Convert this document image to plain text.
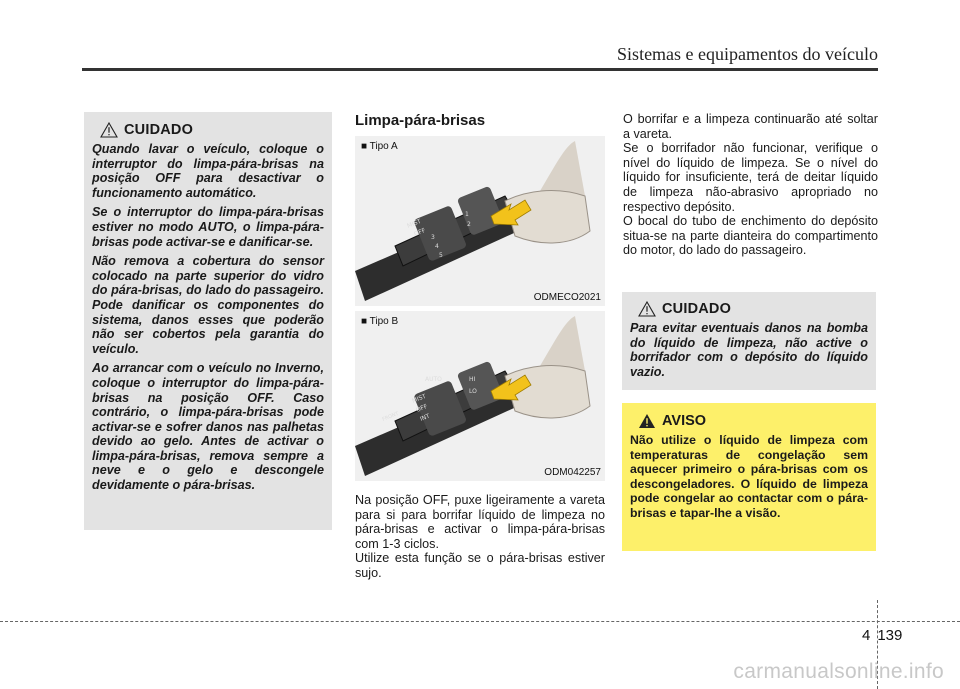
Sistemas e equipamentos do veículo
CUIDADO

Quando lavar o veículo, coloque o interruptor do limpa-pára-brisas na posição OFF para desactivar o funcionamento automático.

Se o interruptor do limpa-pára-brisas estiver no modo AUTO, o limpa-pára-brisas pode activar-se e danificar-se.

Não remova a cobertura do sensor colocado na parte superior do vidro do pára-brisas, do lado do passageiro. Pode danificar os componentes do sistema, danos esses que poderão não ser cobertos pela garantia do veículo.

Ao arrancar com o veículo no Inverno, coloque o interruptor do limpa-pára-brisas na posição OFF. Caso contrário, o limpa-pára-brisas pode activar-se e sofrer danos nas palhetas devido ao gelo. Antes de activar o limpa-pára-brisas, remova sempre a neve e o gelo e descongele devidamente o pára-brisas.

Limpa-pára-brisas
■ Tipo A
MIST
OFF
1
2
3
4
5
ODMECO2021
■ Tipo B
AUTO
MIST
OFF
INT
LO
HI
FRONT
ODM042257

Na posição OFF, puxe ligeiramente a vareta para si para borrifar líquido de limpeza no pára-brisas e activar o limpa-pára-brisas com 1-3 ciclos.

Utilize esta função se o pára-brisas estiver sujo.

O borrifar e a limpeza continuarão até soltar a vareta.

Se o borrifador não funcionar, verifique o nível do líquido de limpeza. Se o nível do líquido for insuficiente, terá de deitar líquido de limpeza não-abrasivo apropriado no respectivo depósito.

O bocal do tubo de enchimento do depósito situa-se na parte dianteira do compartimento do motor, do lado do passageiro.

CUIDADO

Para evitar eventuais danos na bomba do líquido de limpeza, não active o borrifador com o depósito do líquido vazio.

AVISO

Não utilize o líquido de limpeza com temperaturas de congelação sem aquecer primeiro o pára-brisas com os descongeladores. O líquido de limpeza pode congelar ao contactar com o pára-brisas e tapar-lhe a visão.

4 139
carmanualsonline.info
